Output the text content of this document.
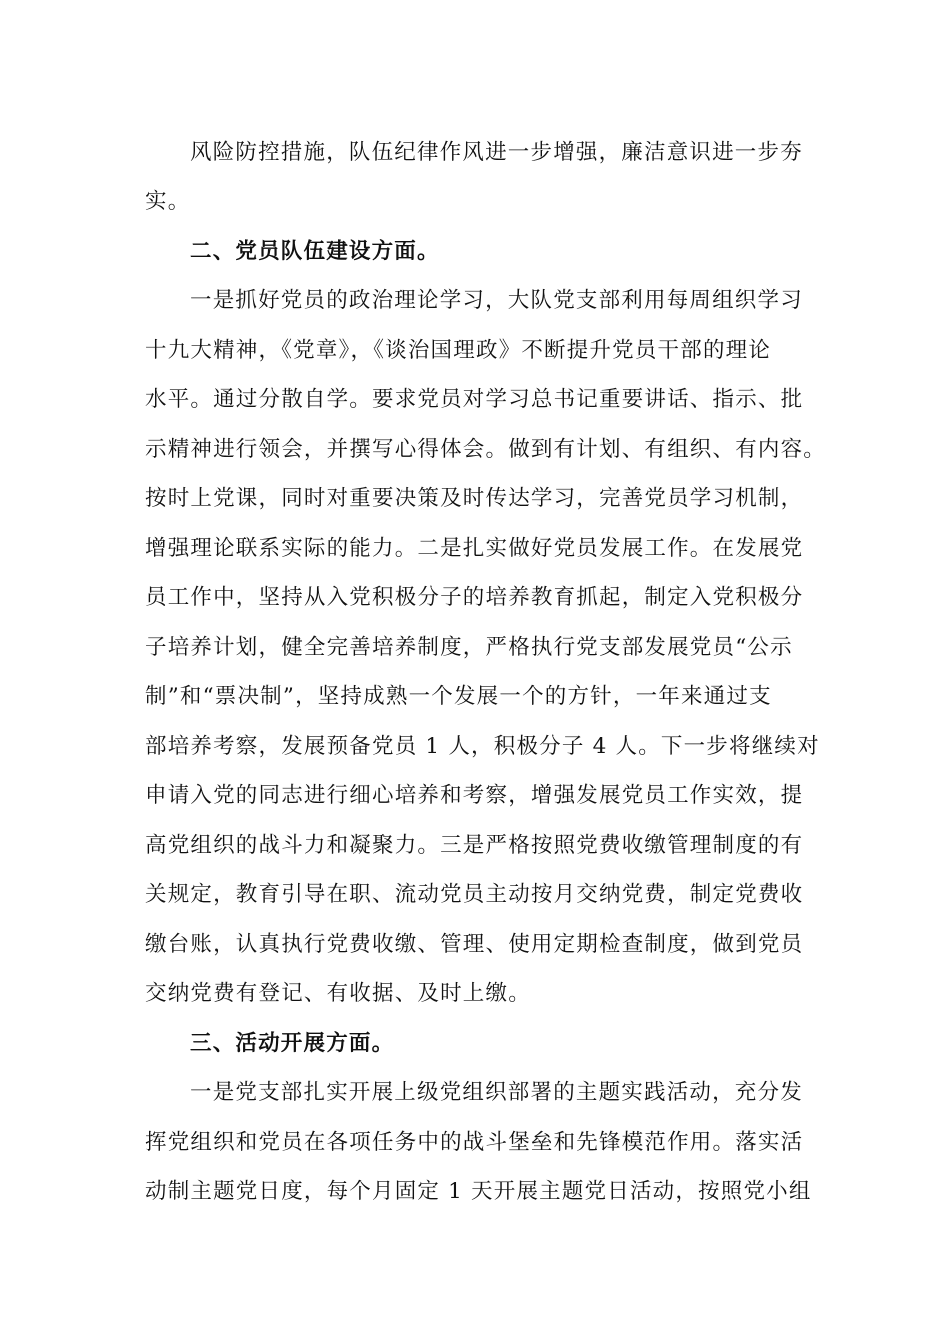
风险防控措施，队伍纪律作风进一步增强，廉洁意识进一步夯
实。
二、党员队伍建设方面。
一是抓好党员的政治理论学习，大队党支部利用每周组织学习
十九大精神，《党章》，《谈治国理政》不断提升党员干部的理论
水平。通过分散自学。要求党员对学习总书记重要讲话、指示、批
示精神进行领会，并撰写心得体会。做到有计划、有组织、有内容。
按时上党课，同时对重要决策及时传达学习，完善党员学习机制，
增强理论联系实际的能力。二是扎实做好党员发展工作。在发展党
员工作中，坚持从入党积极分子的培养教育抓起，制定入党积极分
子培养计划，健全完善培养制度，严格执行党支部发展党员“公示
制”和“票决制”，坚持成熟一个发展一个的方针，一年来通过支
部培养考察，发展预备党员 1 人，积极分子 4 人。下一步将继续对
申请入党的同志进行细心培养和考察，增强发展党员工作实效，提
高党组织的战斗力和凝聚力。三是严格按照党费收缴管理制度的有
关规定，教育引导在职、流动党员主动按月交纳党费，制定党费收
缴台账，认真执行党费收缴、管理、使用定期检查制度，做到党员
交纳党费有登记、有收据、及时上缴。
三、活动开展方面。
一是党支部扎实开展上级党组织部署的主题实践活动，充分发
挥党组织和党员在各项任务中的战斗堡垒和先锋模范作用。落实活
动制主题党日度，每个月固定 1 天开展主题党日活动，按照党小组
